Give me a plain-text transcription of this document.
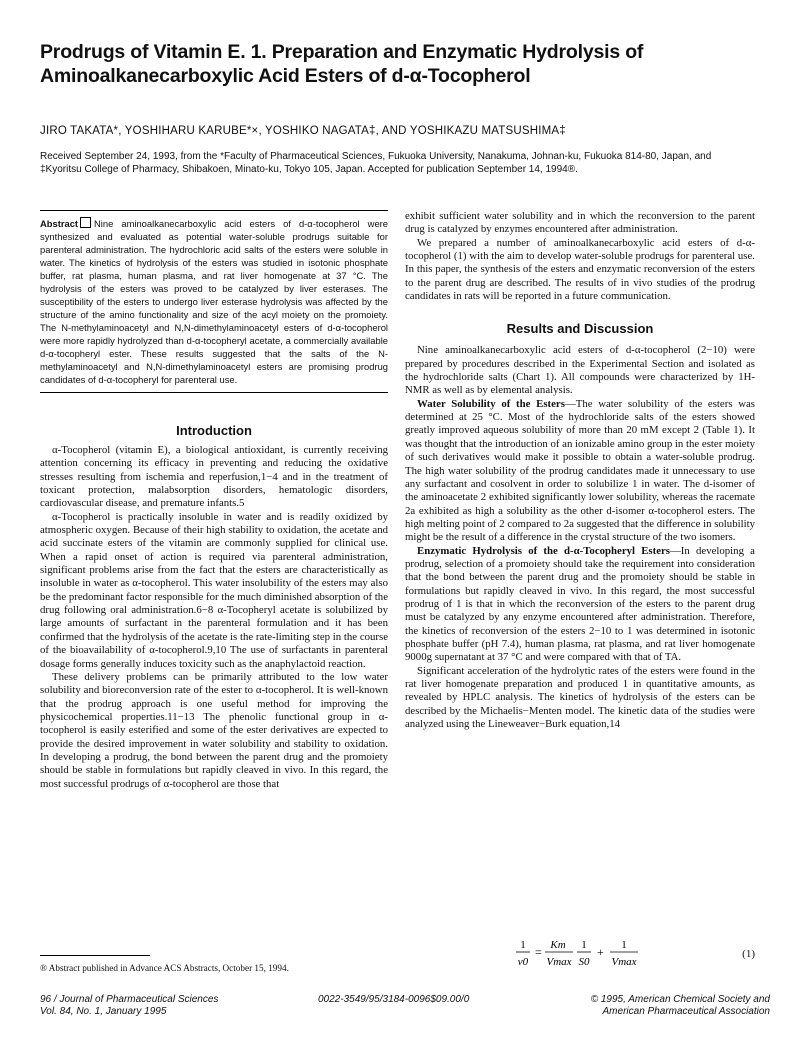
Prodrugs of Vitamin E. 1. Preparation and Enzymatic Hydrolysis of
Aminoalkanecarboxylic Acid Esters of d-α-Tocopherol
JIRO TAKATA*, YOSHIHARU KARUBE*×, YOSHIKO NAGATA‡, AND YOSHIKAZU MATSUSHIMA‡
Received September 24, 1993, from the *Faculty of Pharmaceutical Sciences, Fukuoka University, Nanakuma, Johnan-ku, Fukuoka 814-80, Japan, and ‡Kyoritsu College of Pharmacy, Shibakoen, Minato-ku, Tokyo 105, Japan. Accepted for publication September 14, 1994®.
Abstract Nine aminoalkanecarboxylic acid esters of d-α-tocopherol were synthesized and evaluated as potential water-soluble prodrugs suitable for parenteral administration. The hydrochloric acid salts of the esters were soluble in water. The kinetics of hydrolysis of the esters was studied in isotonic phosphate buffer, rat plasma, human plasma, and rat liver homogenate at 37 °C. The hydrolysis of the esters was proved to be catalyzed by liver esterases. The susceptibility of the esters to undergo liver esterase hydrolysis was affected by the structure of the amino functionality and size of the acyl moiety on the promoiety. The N-methylaminoacetyl and N,N-dimethylaminoacetyl esters of d-α-tocopherol were more rapidly hydrolyzed than d-α-tocopheryl acetate, a commercially available d-α-tocopheryl ester. These results suggested that the salts of the N-methylaminoacetyl and N,N-dimethylaminoacetyl esters are promising prodrug candidates of d-α-tocopheryl for parenteral use.
Introduction

α-Tocopherol (vitamin E), a biological antioxidant, is currently receiving attention concerning its efficacy in preventing and reducing the oxidative stresses resulting from ischemia and reperfusion,1−4 and in the treatment of toxicant protection, malabsorption disorders, hematologic disorders, cardiovascular disease, and premature infants.5

α-Tocopherol is practically insoluble in water and is readily oxidized by atmospheric oxygen. Because of their high stability to oxidation, the acetate and acid succinate esters of the vitamin are commonly supplied for clinical use. When a rapid onset of action is required via parenteral administration, significant problems arise from the fact that the esters are characteristically as insoluble in water as α-tocopherol. This water insolubility of the esters may also be the predominant factor responsible for the much diminished absorption of the drug following oral administration.6−8 α-Tocopheryl acetate is solubilized by large amounts of surfactant in the parenteral formulation and it has been confirmed that the hydrolysis of the acetate is the rate-limiting step in the course of the bioavailability of α-tocopherol.9,10 The use of surfactants in parenteral dosage forms generally induces toxicity such as the anaphylactoid reaction.

These delivery problems can be primarily attributed to the low water solubility and bioreconversion rate of the ester to α-tocopherol. It is well-known that the prodrug approach is one useful method for improving the physicochemical properties.11−13 The phenolic functional group in α-tocopherol is easily esterified and some of the ester derivatives are expected to provide the desired improvement in water solubility and stability to oxidation. In developing a prodrug, the bond between the parent drug and the promoiety should be stable in formulations but rapidly cleaved in vivo. In this regard, the most successful prodrugs of α-tocopherol are those that

® Abstract published in Advance ACS Abstracts, October 15, 1994.

exhibit sufficient water solubility and in which the reconversion to the parent drug is catalyzed by enzymes encountered after administration.

We prepared a number of aminoalkanecarboxylic acid esters of d-α-tocopherol (1) with the aim to develop water-soluble prodrugs for parenteral use. In this paper, the synthesis of the esters and enzymatic reconversion of the esters to the parent drug are described. The results of in vivo studies of the prodrug candidates in rats will be reported in a future communication.

Results and Discussion

Nine aminoalkanecarboxylic acid esters of d-α-tocopherol (2−10) were prepared by procedures described in the Experimental Section and isolated as the hydrochloride salts (Chart 1). All compounds were characterized by 1H-NMR as well as by elemental analysis.

Water Solubility of the Esters—The water solubility of the esters was determined at 25 °C. Most of the hydrochloride salts of the esters showed greatly improved aqueous solubility of more than 20 mM except 2 (Table 1). It was thought that the introduction of an ionizable amino group in the ester moiety of such derivatives would make it possible to obtain a water-soluble prodrug. The high water solubility of the prodrug candidates made it unnecessary to use any surfactant and cosolvent in order to solubilize 1 in water. The d-isomer of the aminoacetate 2 exhibited significantly lower solubility, whereas the racemate 2a exhibited as high a solubility as the other d-isomer α-tocopherol esters. The high melting point of 2 compared to 2a suggested that the difference in solubility might be the result of a difference in the crystal structure of the two isomers.

Enzymatic Hydrolysis of the d-α-Tocopheryl Esters—In developing a prodrug, selection of a promoiety should take the requirement into consideration that the bond between the parent drug and the promoiety should be stable in formulations but rapidly cleaved in vivo. In this regard, the most successful prodrug of 1 is that in which the reconversion of the esters to the parent drug must be catalyzed by any enzyme encountered after administration. Therefore, the kinetics of reconversion of the esters 2−10 to 1 was determined in isotonic phosphate buffer (pH 7.4), human plasma, rat plasma, and rat liver homogenate 9000g supernatant at 37 °C and were compared with that of TA.

Significant acceleration of the hydrolytic rates of the esters were found in the rat liver homogenate preparation and produced 1 in quantitative amounts, as revealed by HPLC analysis. The kinetics of hydrolysis of the esters can be described by the Michaelis−Menten model. The kinetic data of the studies were analyzed using the Lineweaver−Burk equation,14

1
v0
= Km
Vmax
1
S0
+ 1
Vmax
(1)
96 / Journal of Pharmaceutical Sciences
Vol. 84, No. 1, January 1995
0022-3549/95/3184-0096$09.00/0	© 1995, American Chemical Society and
American Pharmaceutical Association
